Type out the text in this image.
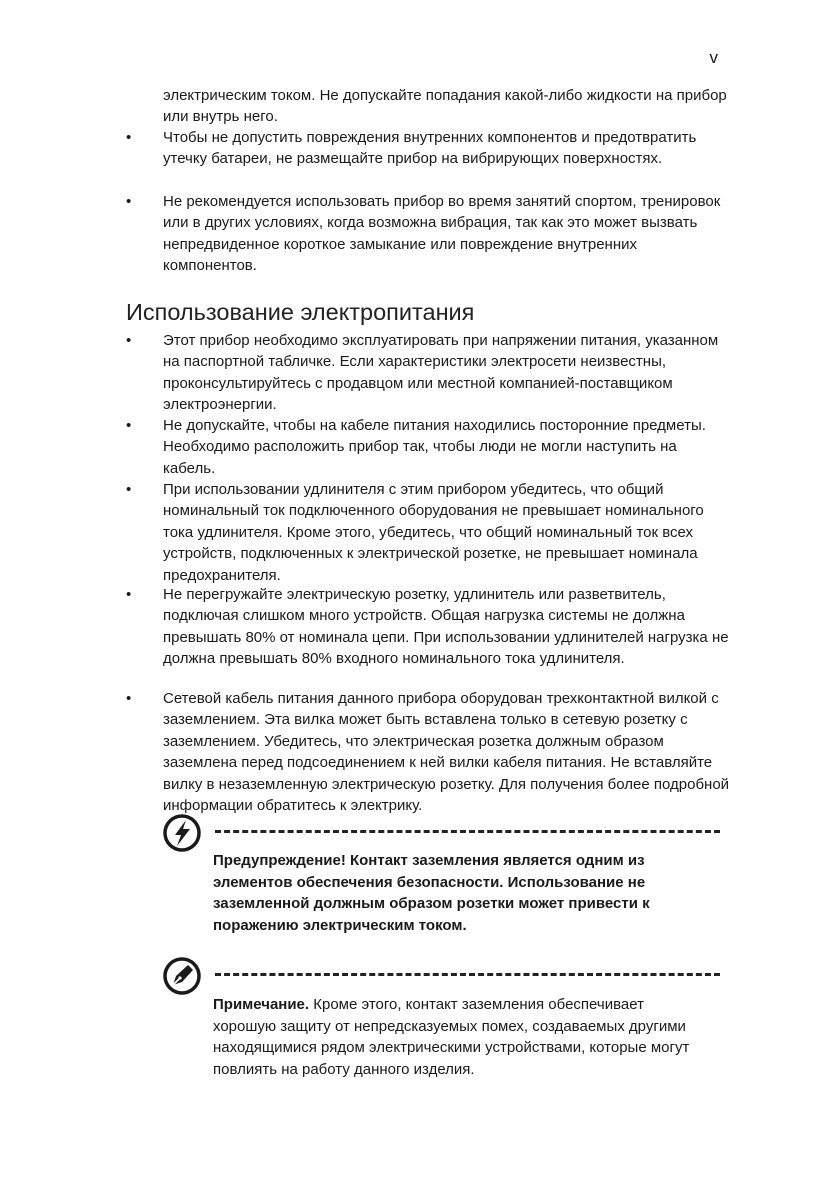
v
электрическим током. Не допускайте попадания какой-либо жидкости на прибор или внутрь него.
• Чтобы не допустить повреждения внутренних компонентов и предотвратить утечку батареи, не размещайте прибор на вибрирующих поверхностях.
• Не рекомендуется использовать прибор во время занятий спортом, тренировок или в других условиях, когда возможна вибрация, так как это может вызвать непредвиденное короткое замыкание или повреждение внутренних компонентов.
Использование электропитания
• Этот прибор необходимо эксплуатировать при напряжении питания, указанном на паспортной табличке. Если характеристики электросети неизвестны, проконсультируйтесь с продавцом или местной компанией-поставщиком электроэнергии.
• Не допускайте, чтобы на кабеле питания находились посторонние предметы. Необходимо расположить прибор так, чтобы люди не могли наступить на кабель.
• При использовании удлинителя с этим прибором убедитесь, что общий номинальный ток подключенного оборудования не превышает номинального тока удлинителя. Кроме этого, убедитесь, что общий номинальный ток всех устройств, подключенных к электрической розетке, не превышает номинала предохранителя.
• Не перегружайте электрическую розетку, удлинитель или разветвитель, подключая слишком много устройств. Общая нагрузка системы не должна превышать 80% от номинала цепи. При использовании удлинителей нагрузка не должна превышать 80% входного номинального тока удлинителя.
• Сетевой кабель питания данного прибора оборудован трехконтактной вилкой с заземлением. Эта вилка может быть вставлена только в сетевую розетку с заземлением. Убедитесь, что электрическая розетка должным образом заземлена перед подсоединением к ней вилки кабеля питания. Не вставляйте вилку в незаземленную электрическую розетку. Для получения более подробной информации обратитесь к электрику.
Предупреждение! Контакт заземления является одним из элементов обеспечения безопасности. Использование не заземленной должным образом розетки может привести к поражению электрическим током.
Примечание. Кроме этого, контакт заземления обеспечивает хорошую защиту от непредсказуемых помех, создаваемых другими находящимися рядом электрическими устройствами, которые могут повлиять на работу данного изделия.
